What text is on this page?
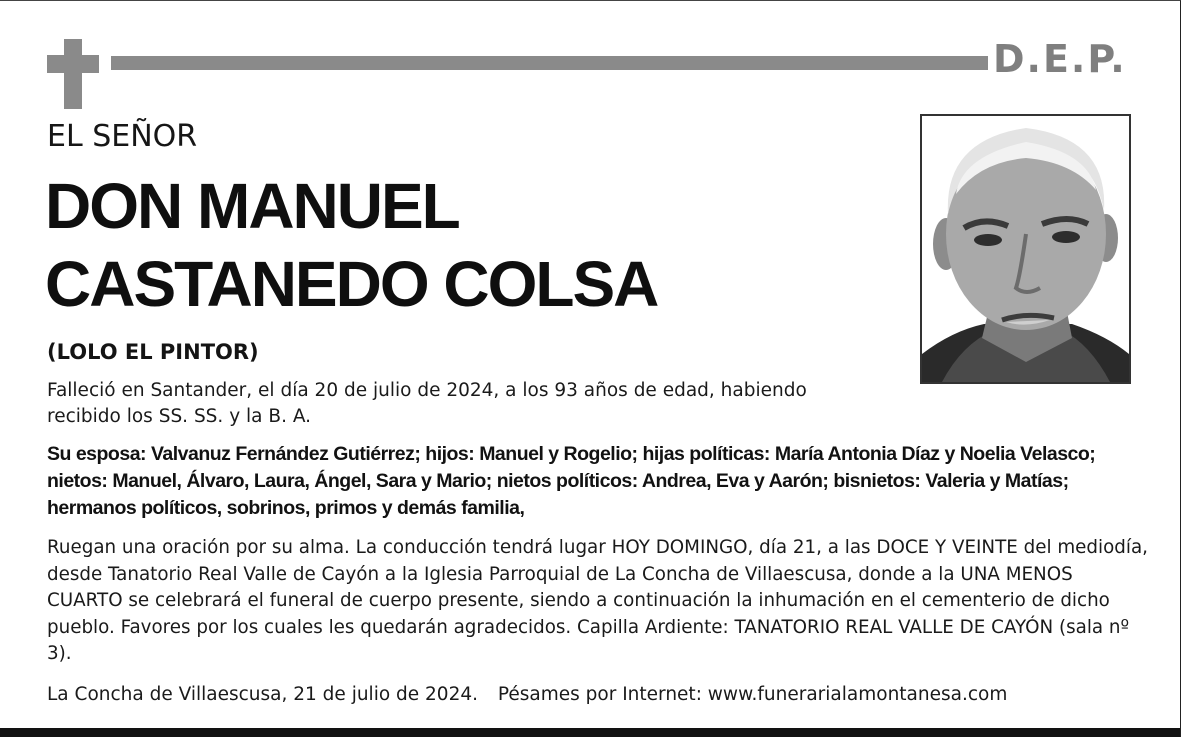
D.E.P.
EL SEÑOR
DON MANUEL
CASTANEDO COLSA
(LOLO EL PINTOR)
Falleció en Santander, el día 20 de julio de 2024, a los 93 años de edad, habiendo
recibido los SS. SS. y la B. A.
Su esposa: Valvanuz Fernández Gutiérrez; hijos: Manuel y Rogelio; hijas políticas: María Antonia Díaz y Noelia Velasco; nietos: Manuel, Álvaro, Laura, Ángel, Sara y Mario; nietos políticos: Andrea, Eva y Aarón; bisnietos: Valeria y Matías; hermanos políticos, sobrinos, primos y demás familia,
Ruegan una oración por su alma. La conducción tendrá lugar HOY DOMINGO, día 21, a las DOCE Y VEINTE del mediodía, desde Tanatorio Real Valle de Cayón a la Iglesia Parroquial de La Concha de Villaescusa, donde a la UNA MENOS CUARTO se celebrará el funeral de cuerpo presente, siendo a continuación la inhumación en el cementerio de dicho pueblo. Favores por los cuales les quedarán agradecidos. Capilla Ardiente: TANATORIO REAL VALLE DE CAYÓN (sala nº 3).
La Concha de Villaescusa, 21 de julio de 2024. Pésames por Internet: www.funerarialamontanesa.com
